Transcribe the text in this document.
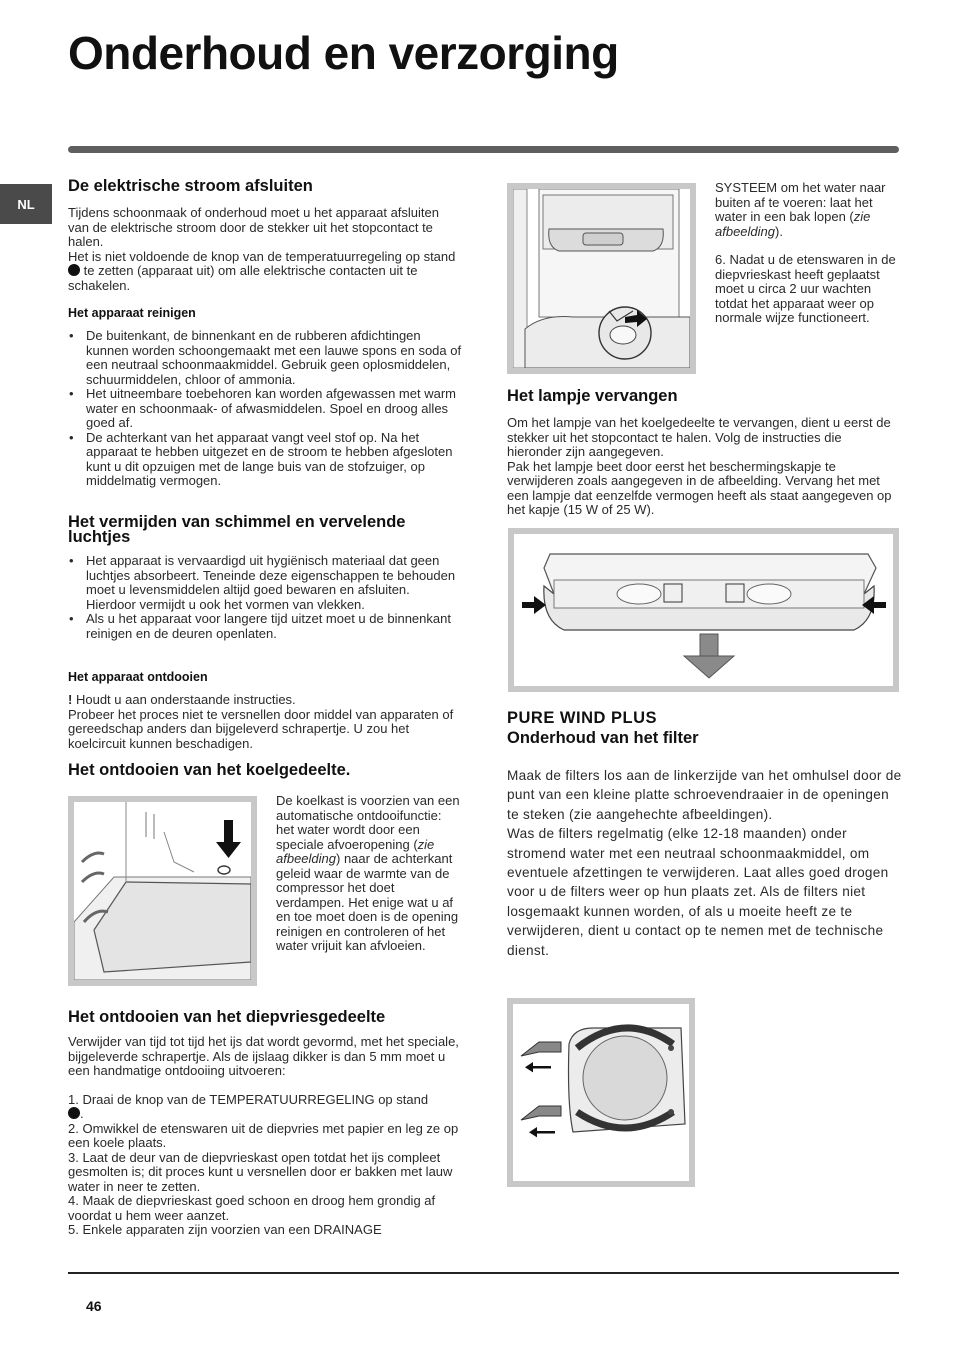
Onderhoud en verzorging
NL
De elektrische stroom afsluiten

Tijdens schoonmaak of onderhoud moet u het apparaat afsluiten van de elektrische stroom door de stekker uit het stopcontact te halen.

Het is niet voldoende de knop van de temperatuurregeling op stand  te zetten (apparaat uit) om alle elektrische contacten uit te schakelen.

Het apparaat reinigen
• De buitenkant, de binnenkant en de rubberen afdichtingen kunnen worden schoongemaakt met een lauwe spons en soda of een neutraal schoonmaakmiddel. Gebruik geen oplosmiddelen, schuurmiddelen, chloor of ammonia.
• Het uitneembare toebehoren kan worden afgewassen met warm water en schoonmaak- of afwasmiddelen. Spoel en droog alles goed af.
• De achterkant van het apparaat vangt veel stof op. Na het apparaat te hebben uitgezet en de stroom te hebben afgesloten kunt u dit opzuigen met de lange buis van de stofzuiger, op middelmatig vermogen.
Het vermijden van schimmel en vervelende luchtjes
• Het apparaat is vervaardigd uit hygiënisch materiaal dat geen luchtjes absorbeert. Teneinde deze eigenschappen te behouden moet u levensmiddelen altijd goed bewaren en afsluiten. Hierdoor vermijdt u ook het vormen van vlekken.
• Als u het apparaat voor langere tijd uitzet moet u de binnenkant reinigen en de deuren openlaten.
Het apparaat ontdooien

! Houdt u aan onderstaande instructies.

Probeer het proces niet te versnellen door middel van apparaten of gereedschap anders dan bijgeleverd schrapertje. U zou het koelcircuit kunnen beschadigen.

Het ontdooien van het koelgedeelte.

De koelkast is voorzien van een automatische ontdooifunctie: het water wordt door een speciale afvoeropening (zie afbeelding) naar de achterkant geleid waar de warmte van de compressor het doet verdampen. Het enige wat u af en toe moet doen is de opening reinigen en controleren of het water vrijuit kan afvloeien.

Het ontdooien van het diepvriesgedeelte

Verwijder van tijd tot tijd het ijs dat wordt gevormd, met het speciale, bijgeleverde schrapertje. Als de ijslaag dikker is dan 5 mm moet u een handmatige ontdooiing uitvoeren:

1. Draai de knop van de TEMPERATUURREGELING op stand
.

2. Omwikkel de etenswaren uit de diepvries met papier en leg ze op een koele plaats.

3. Laat de deur van de diepvrieskast open totdat het ijs compleet gesmolten is; dit proces kunt u versnellen door er bakken met lauw water in neer te zetten.

4. Maak de diepvrieskast goed schoon en droog hem grondig af voordat u hem weer aanzet.

5. Enkele apparaten zijn voorzien van een DRAINAGE

SYSTEEM om het water naar buiten af te voeren: laat het water in een bak lopen (zie afbeelding).

6. Nadat u de etenswaren in de diepvrieskast heeft geplaatst moet u circa 2 uur wachten totdat het apparaat weer op normale wijze functioneert.

Het lampje vervangen

Om het lampje van het koelgedeelte te vervangen, dient u eerst de stekker uit het stopcontact te halen. Volg de instructies die hieronder zijn aangegeven.

Pak het lampje beet door eerst het beschermingskapje te verwijderen zoals aangegeven in de afbeelding. Vervang het met een lampje dat eenzelfde vermogen heeft als staat aangegeven op het kapje (15 W of 25 W).

PURE WIND PLUS
Onderhoud van het filter

Maak de filters los aan de linkerzijde van het omhulsel door de punt van een kleine platte schroevendraaier in de openingen te steken (zie aangehechte afbeeldingen).

Was de filters regelmatig (elke 12-18 maanden) onder stromend water met een neutraal schoonmaakmiddel, om eventuele afzettingen te verwijderen. Laat alles goed drogen voor u de filters weer op hun plaats zet. Als de filters niet losgemaakt kunnen worden, of als u moeite heeft ze te verwijderen, dient u contact op te nemen met de technische dienst.

46
